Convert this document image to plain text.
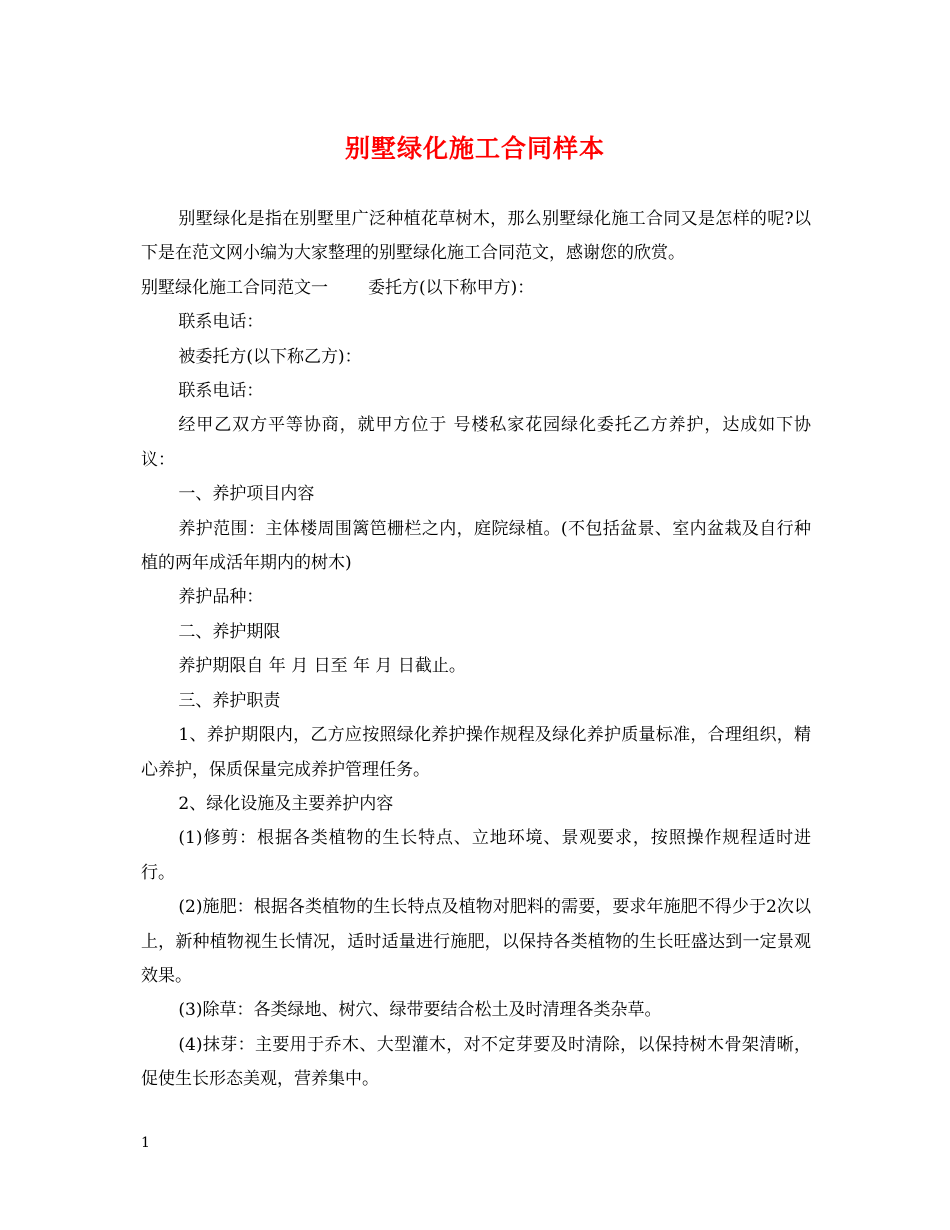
别墅绿化施工合同样本

别墅绿化是指在别墅里广泛种植花草树木，那么别墅绿化施工合同又是怎样的呢?以下是在范文网小编为大家整理的别墅绿化施工合同范文，感谢您的欣赏。

别墅绿化施工合同范文一 委托方(以下称甲方)：

联系电话：

被委托方(以下称乙方)：

联系电话：

经甲乙双方平等协商，就甲方位于 号楼私家花园绿化委托乙方养护，达成如下协议：

一、养护项目内容

养护范围：主体楼周围篱笆栅栏之内，庭院绿植。(不包括盆景、室内盆栽及自行种植的两年成活年期内的树木)

养护品种：

二、养护期限

养护期限自 年 月 日至 年 月 日截止。

三、养护职责

1、养护期限内，乙方应按照绿化养护操作规程及绿化养护质量标准，合理组织，精心养护，保质保量完成养护管理任务。

2、绿化设施及主要养护内容

(1)修剪：根据各类植物的生长特点、立地环境、景观要求，按照操作规程适时进行。

(2)施肥：根据各类植物的生长特点及植物对肥料的需要，要求年施肥不得少于2次以上，新种植物视生长情况，适时适量进行施肥，以保持各类植物的生长旺盛达到一定景观效果。

(3)除草：各类绿地、树穴、绿带要结合松土及时清理各类杂草。

(4)抹芽：主要用于乔木、大型灌木，对不定芽要及时清除，以保持树木骨架清晰，促使生长形态美观，营养集中。

1
